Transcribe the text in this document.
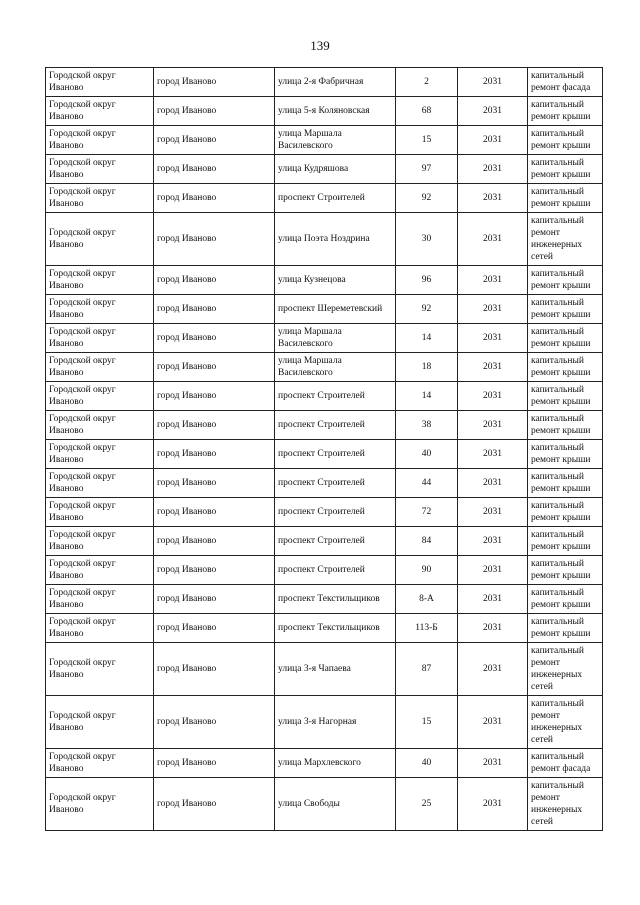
139
Городской округ Иваново	город Иваново	улица 2-я Фабричная	2	2031	капитальный ремонт фасада
Городской округ Иваново	город Иваново	улица 5-я Коляновская	68	2031	капитальный ремонт крыши
Городской округ Иваново	город Иваново	улица Маршала Василевского	15	2031	капитальный ремонт крыши
Городской округ Иваново	город Иваново	улица Кудряшова	97	2031	капитальный ремонт крыши
Городской округ Иваново	город Иваново	проспект Строителей	92	2031	капитальный ремонт крыши
Городской округ Иваново	город Иваново	улица Поэта Ноздрина	30	2031	капитальный ремонт инженерных сетей
Городской округ Иваново	город Иваново	улица Кузнецова	96	2031	капитальный ремонт крыши
Городской округ Иваново	город Иваново	проспект Шереметевский	92	2031	капитальный ремонт крыши
Городской округ Иваново	город Иваново	улица Маршала Василевского	14	2031	капитальный ремонт крыши
Городской округ Иваново	город Иваново	улица Маршала Василевского	18	2031	капитальный ремонт крыши
Городской округ Иваново	город Иваново	проспект Строителей	14	2031	капитальный ремонт крыши
Городской округ Иваново	город Иваново	проспект Строителей	38	2031	капитальный ремонт крыши
Городской округ Иваново	город Иваново	проспект Строителей	40	2031	капитальный ремонт крыши
Городской округ Иваново	город Иваново	проспект Строителей	44	2031	капитальный ремонт крыши
Городской округ Иваново	город Иваново	проспект Строителей	72	2031	капитальный ремонт крыши
Городской округ Иваново	город Иваново	проспект Строителей	84	2031	капитальный ремонт крыши
Городской округ Иваново	город Иваново	проспект Строителей	90	2031	капитальный ремонт крыши
Городской округ Иваново	город Иваново	проспект Текстильщиков	8-А	2031	капитальный ремонт крыши
Городской округ Иваново	город Иваново	проспект Текстильщиков	113-Б	2031	капитальный ремонт крыши
Городской округ Иваново	город Иваново	улица 3-я Чапаева	87	2031	капитальный ремонт инженерных сетей
Городской округ Иваново	город Иваново	улица 3-я Нагорная	15	2031	капитальный ремонт инженерных сетей
Городской округ Иваново	город Иваново	улица Мархлевского	40	2031	капитальный ремонт фасада
Городской округ Иваново	город Иваново	улица Свободы	25	2031	капитальный ремонт инженерных сетей
